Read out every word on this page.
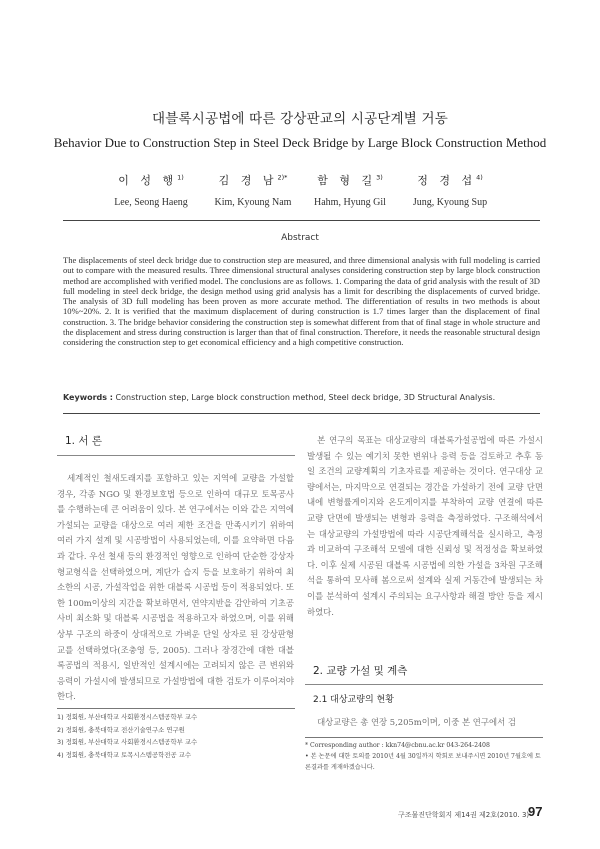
대블록시공법에 따른 강상판교의 시공단계별 거동
Behavior Due to Construction Step in Steel Deck Bridge by Large Block Construction Method
이 성 행$^{1)}$
Lee, Seong Haeng
김 경 남$^{2)*}$
Kim, Kyoung Nam
함 형 길$^{3)}$
Hahm, Hyung Gil
정 경 섭$^{4)}$
Jung, Kyoung Sup
Abstract
The displacements of steel deck bridge due to construction step are measured, and three dimensional analysis with full modeling is carried out to compare with the measured results. Three dimensional structural analyses considering construction step by large block construction method are accomplished with verified model. The conclusions are as follows. 1. Comparing the data of grid analysis with the result of 3D full modeling in steel deck bridge, the design method using grid analysis has a limit for describing the displacements of curved bridge. The analysis of 3D full modeling has been proven as more accurate method. The differentiation of results in two methods is about 10%~20%. 2. It is verified that the maximum displacement of during construction is 1.7 times larger than the displacement of final construction. 3. The bridge behavior considering the construction step is somewhat different from that of final stage in whole structure and the displacement and stress during construction is larger than that of final construction. Therefore, it needs the reasonable structural design considering the construction step to get economical efficiency and a high competitive construction.
Keywords : Construction step, Large block construction method, Steel deck bridge, 3D Structural Analysis.
1. 서 론
세계적인 철새도래지를 포함하고 있는 지역에 교량을 가설할 경우, 각종 NGO 및 환경보호법 등으로 인하여 대규모 토목공사를 수행하는데 큰 어려움이 있다. 본 연구에서는 이와 같은 지역에 가설되는 교량을 대상으로 여러 제한 조건을 만족시키기 위하여 여러 가지 설계 및 시공방법이 사용되었는데, 이를 요약하면 다음과 같다. 우선 철새 등의 환경적인 영향으로 인하여 단순한 강상자형교형식을 선택하였으며, 계단가 습지 등을 보호하기 위하여 최소한의 시공, 가설작업을 위한 대블록 시공법 등이 적용되었다. 또한 100m이상의 지간을 확보하면서, 연약지반을 감안하여 기초공사비 최소화 및 대블록 시공법을 적용하고자 하였으며, 이를 위해 상부 구조의 하중이 상대적으로 가벼운 단일 상자로 된 강상판형교를 선택하였다(조충영 등, 2005). 그러나 장경간에 대한 대블록공법의 적용시, 일반적인 설계시에는 고려되지 않은 큰 변위와 응력이 가설시에 발생되므로 가설방법에 대한 검토가 이루어져야 한다.
1) 정회원, 부산대학교 사회환경시스템공학부 교수
2) 정회원, 충북대학교 전산기술연구소 연구원
3) 정회원, 부산대학교 사회환경시스템공학부 교수
4) 정회원, 충북대학교 토목시스템공학전공 교수
본 연구의 목표는 대상교량의 대블록가설공법에 따른 가설시 발생될 수 있는 예기치 못한 변위나 응력 등을 검토하고 추후 동일 조건의 교량계획의 기초자료를 제공하는 것이다. 연구대상 교량에서는, 마지막으로 연결되는 경간을 가설하기 전에 교량 단면내에 변형률게이지와 온도게이지를 부착하여 교량 연결에 따른 교량 단면에 발생되는 변형과 응력을 측정하였다. 구조해석에서는 대상교량의 가설방법에 따라 시공단계해석을 실시하고, 측정과 비교하여 구조해석 모델에 대한 신뢰성 및 적정성을 확보하였다. 이후 실제 시공된 대블록 시공법에 의한 가설을 3차원 구조해석을 통하여 모사해 봄으로써 설계와 실제 거동간에 발생되는 차이를 분석하여 설계시 주의되는 요구사항과 해결 방안 등을 제시하였다.
2. 교량 가설 및 계측
2.1 대상교량의 현황
대상교량은 총 연장 5,205m이며, 이중 본 연구에서 검
* Corresponding author : kkn74@cbnu.ac.kr 043-264-2408
• 본 논문에 대한 토의를 2010년 4월 30일까지 학회로 보내주시면 2010년 7월호에 토론결과를 게재하겠습니다.
구조물진단학회지 제14권 제2호(2010. 3)
97
